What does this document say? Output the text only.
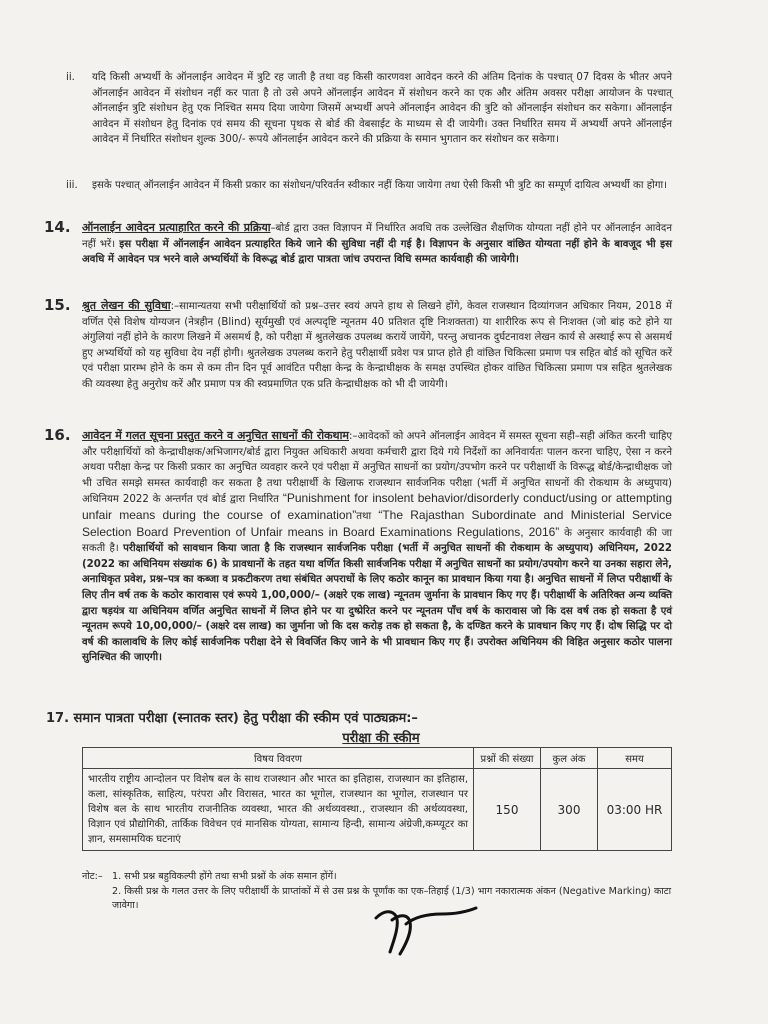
ii. यदि किसी अभ्यर्थी के ऑनलाईन आवेदन में त्रुटि रह जाती है तथा वह किसी कारणवश आवेदन करने की अंतिम दिनांक के पश्चात् 07 दिवस के भीतर अपने ऑनलाईन आवेदन में संशोधन नहीं कर पाता है तो उसे अपने ऑनलाईन आवेदन में संशोधन करने का एक और अंतिम अवसर परीक्षा आयोजन के पश्चात् ऑनलाईन त्रुटि संशोधन हेतु एक निश्चित समय दिया जायेगा जिसमें अभ्यर्थी अपने ऑनलाईन आवेदन की त्रुटि को ऑनलाईन संशोधन कर सकेगा। ऑनलाईन आवेदन में संशोधन हेतु दिनांक एवं समय की सूचना पृथक से बोर्ड की वेबसाईट के माध्यम से दी जायेगी। उक्त निर्धारित समय में अभ्यर्थी अपने ऑनलाईन आवेदन में निर्धारित संशोधन शुल्क 300/- रूपये ऑनलाईन आवेदन करने की प्रक्रिया के समान भुगतान कर संशोधन कर सकेगा।

iii. इसके पश्चात् ऑनलाईन आवेदन में किसी प्रकार का संशोधन/परिवर्तन स्वीकार नहीं किया जायेगा तथा ऐसी किसी भी त्रुटि का सम्पूर्ण दायित्व अभ्यर्थी का होगा।

14. ऑनलाईन आवेदन प्रत्याहारित करने की प्रक्रिया–बोर्ड द्वारा उक्त विज्ञापन में निर्धारित अवधि तक उल्लेखित शैक्षणिक योग्यता नहीं होने पर ऑनलाईन आवेदन नहीं भरें। इस परीक्षा में ऑनलाईन आवेदन प्रत्याहरित किये जाने की सुविधा नहीं दी गई है। विज्ञापन के अनुसार वांछित योग्यता नहीं होने के बावजूद भी इस अवधि में आवेदन पत्र भरने वाले अभ्यर्थियों के विरूद्ध बोर्ड द्वारा पात्रता जांच उपरान्त विधि सम्मत कार्यवाही की जायेगी।

15. श्रुत लेखन की सुविधा:–सामान्यतया सभी परीक्षार्थियों को प्रश्न–उत्तर स्वयं अपने हाथ से लिखने होंगे, केवल राजस्थान दिव्यांगजन अधिकार नियम, 2018 में वर्णित ऐसे विशेष योग्यजन (नेत्रहीन (Blind) सूर्यमुखी एवं अल्पदृष्टि न्यूनतम 40 प्रतिशत दृष्टि निःशक्तता) या शारीरिक रूप से निःशक्त (जो बांह कटे होने या अंगुलियां नहीं होने के कारण लिखने में असमर्थ है, को परीक्षा में श्रुतलेखक उपलब्ध करायें जायेंगे, परन्तु अचानक दुर्घटनावश लेखन कार्य से अस्थाई रूप से असमर्थ हुए अभ्यर्थियों को यह सुविधा देय नहीं होगी। श्रुतलेखक उपलब्ध कराने हेतु परीक्षार्थी प्रवेश पत्र प्राप्त होते ही वांछित चिकित्सा प्रमाण पत्र सहित बोर्ड को सूचित करें एवं परीक्षा प्रारम्भ होने के कम से कम तीन दिन पूर्व आवंटित परीक्षा केन्द्र के केन्द्राधीक्षक के समक्ष उपस्थित होकर वांछित चिकित्सा प्रमाण पत्र सहित श्रुतलेखक की व्यवस्था हेतु अनुरोध करें और प्रमाण पत्र की स्वप्रमाणित एक प्रति केन्द्राधीक्षक को भी दी जायेगी।

16. आवेदन में गलत सूचना प्रस्तुत करने व अनुचित साधनों की रोकथाम:–आवेदकों को अपने ऑनलाईन आवेदन में समस्त सूचना सही–सही अंकित करनी चाहिए और परीक्षार्थियों को केन्द्राधीक्षक/अभिजागर/बोर्ड द्वारा नियुक्त अधिकारी अथवा कर्मचारी द्वारा दिये गये निर्देशों का अनिवार्यतः पालन करना चाहिए, ऐसा न करने अथवा परीक्षा केन्द्र पर किसी प्रकार का अनुचित व्यवहार करने एवं परीक्षा में अनुचित साधनों का प्रयोग/उपभोग करने पर परीक्षार्थी के विरूद्ध बोर्ड/केन्द्राधीक्षक जो भी उचित समझे समस्त कार्यवाही कर सकता है तथा परीक्षार्थी के खिलाफ राजस्थान सार्वजनिक परीक्षा (भर्ती में अनुचित साधनों की रोकथाम के अध्युपाय) अधिनियम 2022 के अन्तर्गत एवं बोर्ड द्वारा निर्धारित “Punishment for insolent behavior/disorderly conduct/using or attempting unfair means during the course of examination”तथा “The Rajasthan Subordinate and Ministerial Service Selection Board Prevention of Unfair means in Board Examinations Regulations, 2016” के अनुसार कार्यवाही की जा सकती है। परीक्षार्थियों को सावधान किया जाता है कि राजस्थान सार्वजनिक परीक्षा (भर्ती में अनुचित साधनों की रोकथाम के अध्युपाय) अधिनियम, 2022 (2022 का अधिनियम संख्यांक 6) के प्रावधानों के तहत यथा वर्णित किसी सार्वजनिक परीक्षा में अनुचित साधनों का प्रयोग/उपयोग करने या उनका सहारा लेने, अनाधिकृत प्रवेश, प्रश्न–पत्र का कब्जा व प्रकटीकरण तथा संबंधित अपराधों के लिए कठोर कानून का प्रावधान किया गया है। अनुचित साधनों में लिप्त परीक्षार्थी के लिए तीन वर्ष तक के कठोर कारावास एवं रूपये 1,00,000/– (अक्षरे एक लाख) न्यूनतम जुर्माना के प्रावधान किए गए हैं। परीक्षार्थी के अतिरिक्त अन्य व्यक्ति द्वारा षड़यंत्र या अधिनियम वर्णित अनुचित साधनों में लिप्त होने पर या दुष्प्रेरित करने पर न्यूनतम पाँच वर्ष के कारावास जो कि दस वर्ष तक हो सकता है एवं न्यूनतम रूपये 10,00,000/– (अक्षरे दस लाख) का जुर्माना जो कि दस करोड़ तक हो सकता है, के दण्डित करने के प्रावधान किए गए हैं। दोष सिद्धि पर दो वर्ष की कालावधि के लिए कोई सार्वजनिक परीक्षा देने से विवर्जित किए जाने के भी प्रावधान किए गए हैं। उपरोक्त अधिनियम की विहित अनुसार कठोर पालना सुनिश्चित की जाएगी।

17. समान पात्रता परीक्षा (स्नातक स्तर) हेतु परीक्षा की स्कीम एवं पाठ्यक्रम:–
परीक्षा की स्कीम
विषय विवरण	प्रश्नों की संख्या	कुल अंक	समय
भारतीय राष्ट्रीय आन्दोलन पर विशेष बल के साथ राजस्थान और भारत का इतिहास, राजस्थान का इतिहास, कला, सांस्कृतिक, साहित्य, परंपरा और विरासत, भारत का भूगोल, राजस्थान का भूगोल, राजस्थान पर विशेष बल के साथ भारतीय राजनीतिक व्यवस्था, भारत की अर्थव्यवस्था., राजस्थान की अर्थव्यवस्था, विज्ञान एवं प्रौद्योगिकी, तार्किक विवेचन एवं मानसिक योग्यता, सामान्य हिन्दी, सामान्य अंग्रेजी,कम्प्यूटर का ज्ञान, समसामयिक घटनाएं	150	300	03:00 HR
नोट:– 1. सभी प्रश्न बहुविकल्पी होंगे तथा सभी प्रश्नों के अंक समान होंगें।
2. किसी प्रश्न के गलत उत्तर के लिए परीक्षार्थी के प्राप्तांकों में से उस प्रश्न के पूर्णांक का एक–तिहाई (1/3) भाग नकारात्मक अंकन (Negative Marking) काटा जावेगा।
